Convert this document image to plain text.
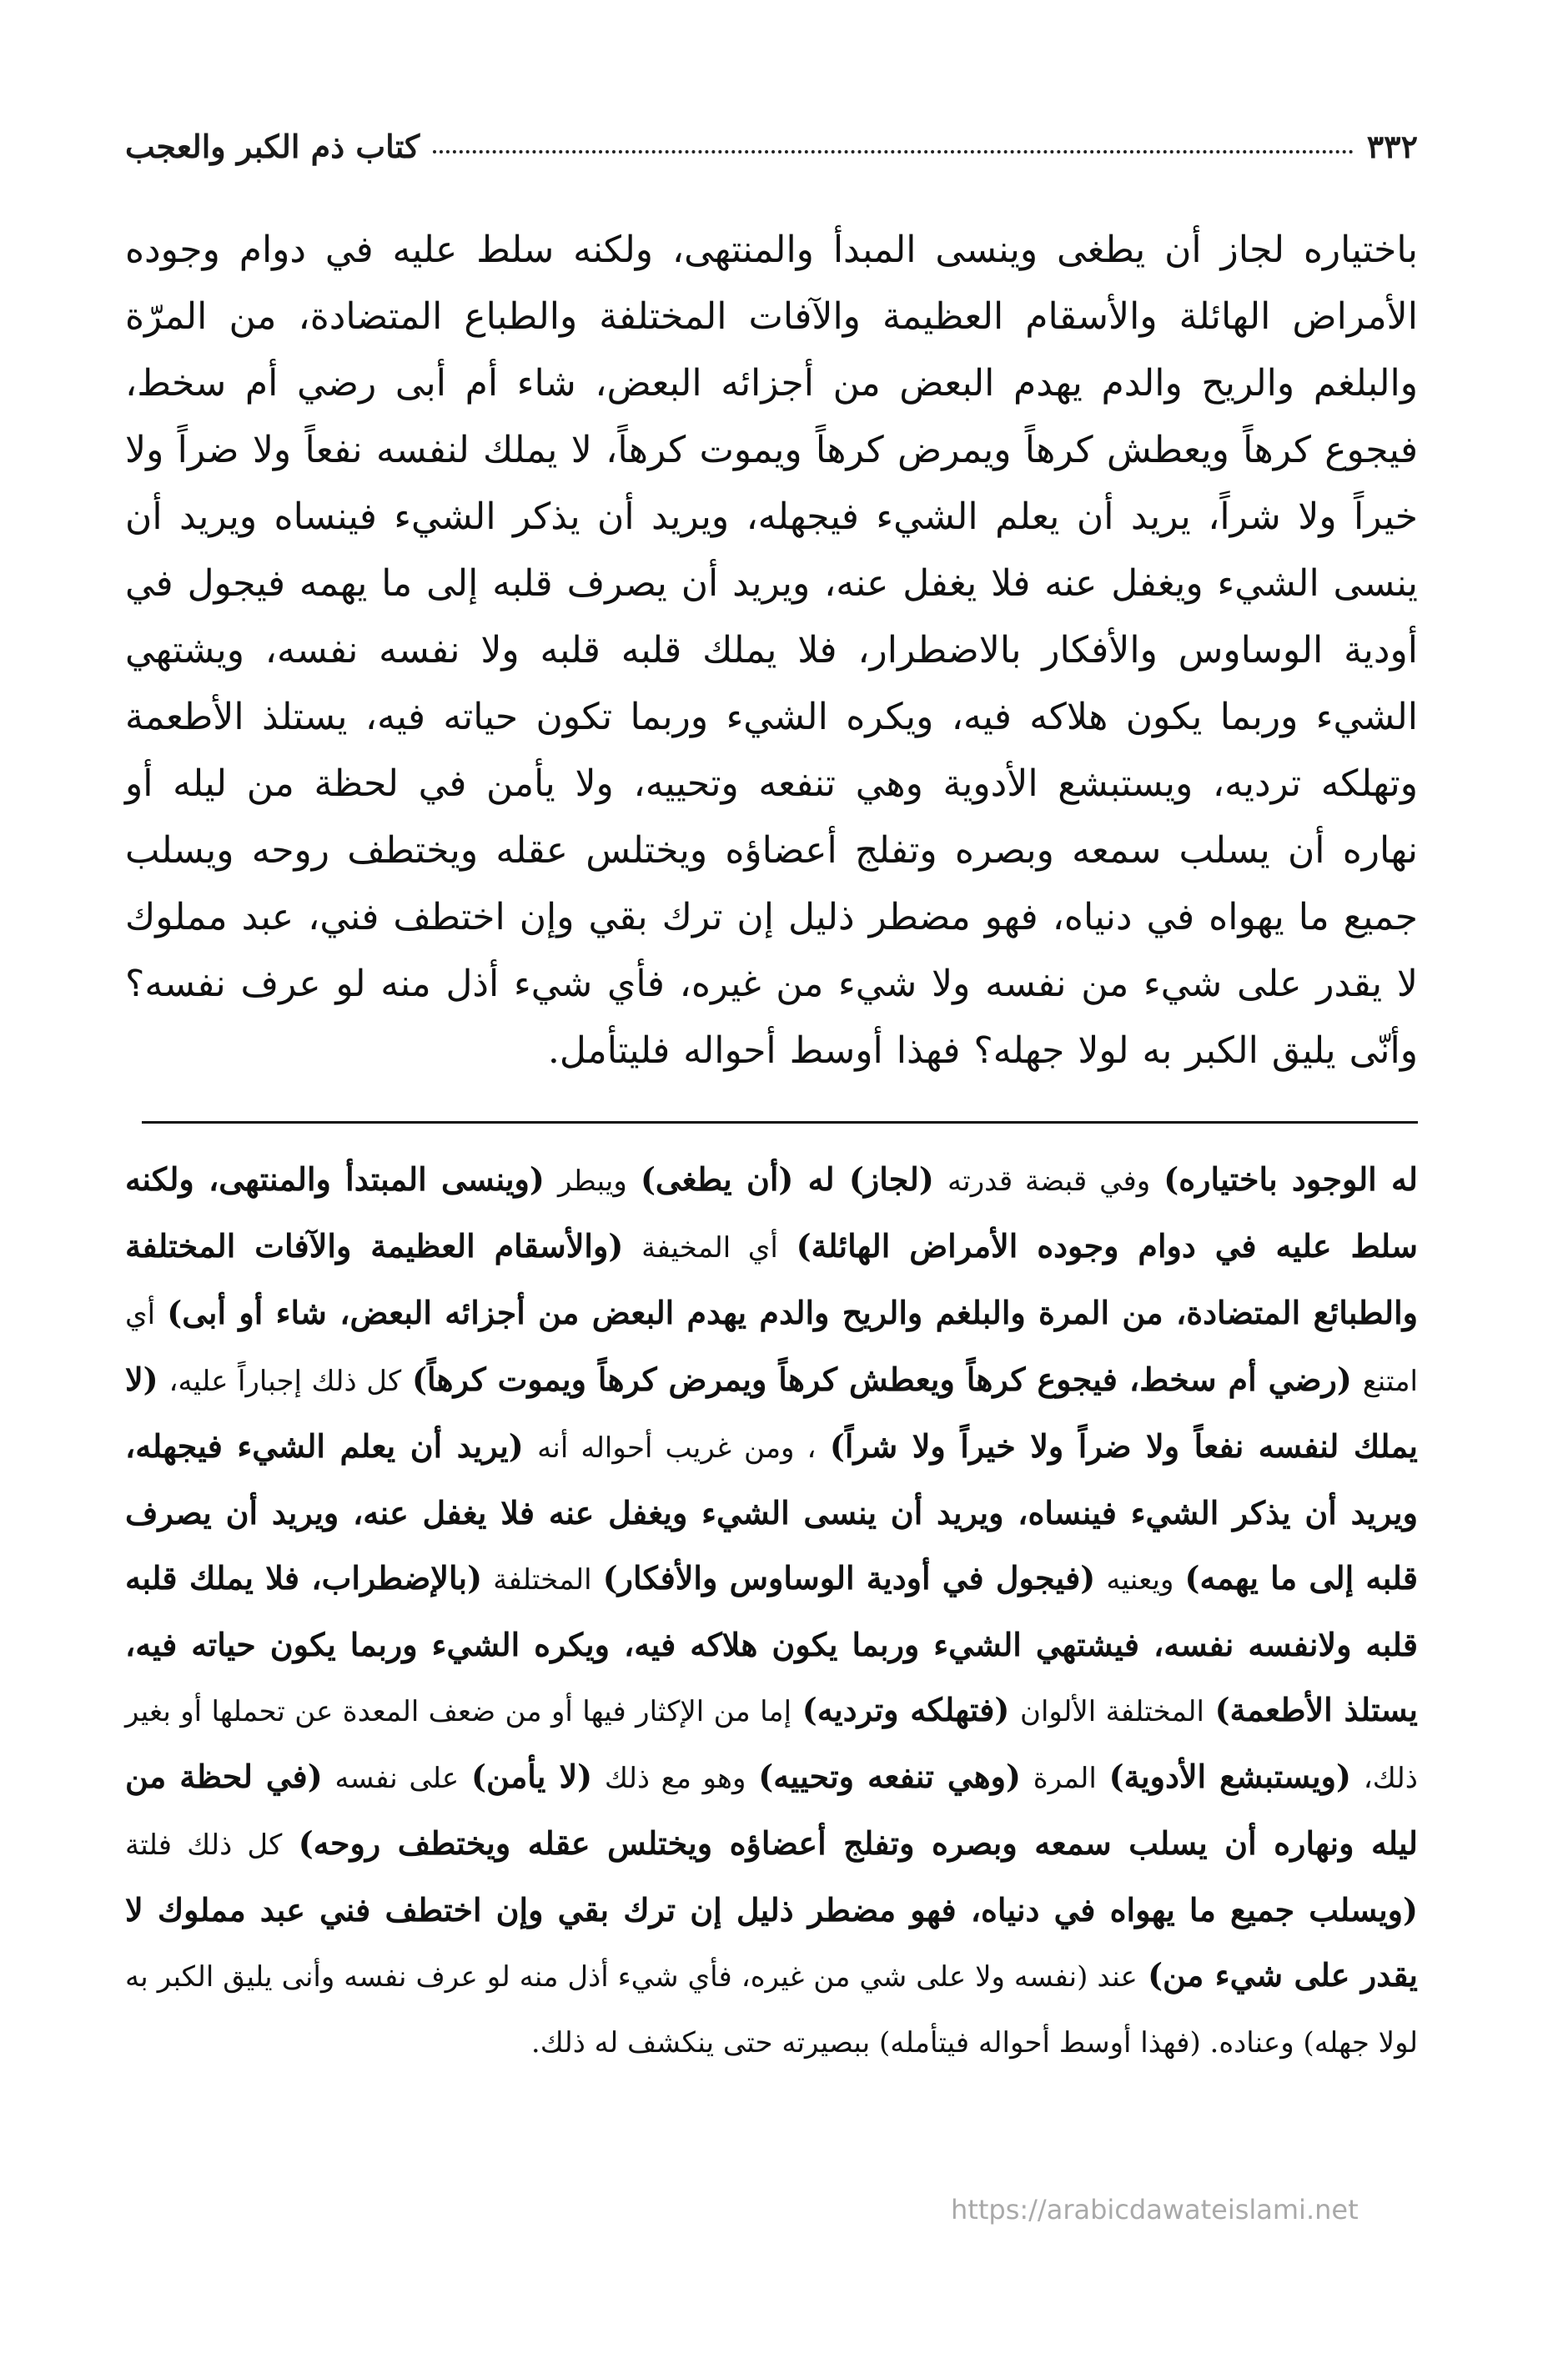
٣٣٢
كتاب ذم الكبر والعجب

باختياره لجاز أن يطغى وينسى المبدأ والمنتهى، ولكنه سلط عليه في دوام وجوده الأمراض الهائلة والأسقام العظيمة والآفات المختلفة والطباع المتضادة، من المرّة والبلغم والريح والدم يهدم البعض من أجزائه البعض، شاء أم أبى رضي أم سخط، فيجوع كرهاً ويعطش كرهاً ويمرض كرهاً ويموت كرهاً، لا يملك لنفسه نفعاً ولا ضراً ولا خيراً ولا شراً، يريد أن يعلم الشيء فيجهله، ويريد أن يذكر الشيء فينساه ويريد أن ينسى الشيء ويغفل عنه فلا يغفل عنه، ويريد أن يصرف قلبه إلى ما يهمه فيجول في أودية الوساوس والأفكار بالاضطرار، فلا يملك قلبه قلبه ولا نفسه نفسه، ويشتهي الشيء وربما يكون هلاكه فيه، ويكره الشيء وربما تكون حياته فيه، يستلذ الأطعمة وتهلكه ترديه، ويستبشع الأدوية وهي تنفعه وتحييه، ولا يأمن في لحظة من ليله أو نهاره أن يسلب سمعه وبصره وتفلج أعضاؤه ويختلس عقله ويختطف روحه ويسلب جميع ما يهواه في دنياه، فهو مضطر ذليل إن ترك بقي وإن اختطف فني، عبد مملوك لا يقدر على شيء من نفسه ولا شيء من غيره، فأي شيء أذل منه لو عرف نفسه؟ وأنّى يليق الكبر به لولا جهله؟ فهذا أوسط أحواله فليتأمل.

له الوجود باختياره) وفي قبضة قدرته (لجاز) له (أن يطغى) ويبطر (وينسى المبتدأ والمنتهى، ولكنه سلط عليه في دوام وجوده الأمراض الهائلة) أي المخيفة (والأسقام العظيمة والآفات المختلفة والطبائع المتضادة، من المرة والبلغم والريح والدم يهدم البعض من أجزائه البعض، شاء أو أبى) أي امتنع (رضي أم سخط، فيجوع كرهاً ويعطش كرهاً ويمرض كرهاً ويموت كرهاً) كل ذلك إجباراً عليه، (لا يملك لنفسه نفعاً ولا ضراً ولا خيراً ولا شراً) ، ومن غريب أحواله أنه (يريد أن يعلم الشيء فيجهله، ويريد أن يذكر الشيء فينساه، ويريد أن ينسى الشيء ويغفل عنه فلا يغفل عنه، ويريد أن يصرف قلبه إلى ما يهمه) ويعنيه (فيجول في أودية الوساوس والأفكار) المختلفة (بالإضطراب، فلا يملك قلبه قلبه ولانفسه نفسه، فيشتهي الشيء وربما يكون هلاكه فيه، ويكره الشيء وربما يكون حياته فيه، يستلذ الأطعمة) المختلفة الألوان (فتهلكه وترديه) إما من الإكثار فيها أو من ضعف المعدة عن تحملها أو بغير ذلك، (ويستبشع الأدوية) المرة (وهي تنفعه وتحييه) وهو مع ذلك (لا يأمن) على نفسه (في لحظة من ليله ونهاره أن يسلب سمعه وبصره وتفلج أعضاؤه ويختلس عقله ويختطف روحه) كل ذلك فلتة (ويسلب جميع ما يهواه في دنياه، فهو مضطر ذليل إن ترك بقي وإن اختطف فني عبد مملوك لا يقدر على شيء من) عند (نفسه ولا على شي من غيره، فأي شيء أذل منه لو عرف نفسه وأنى يليق الكبر به لولا جهله) وعناده. (فهذا أوسط أحواله فيتأمله) ببصيرته حتى ينكشف له ذلك.

https://arabicdawateislami.net
